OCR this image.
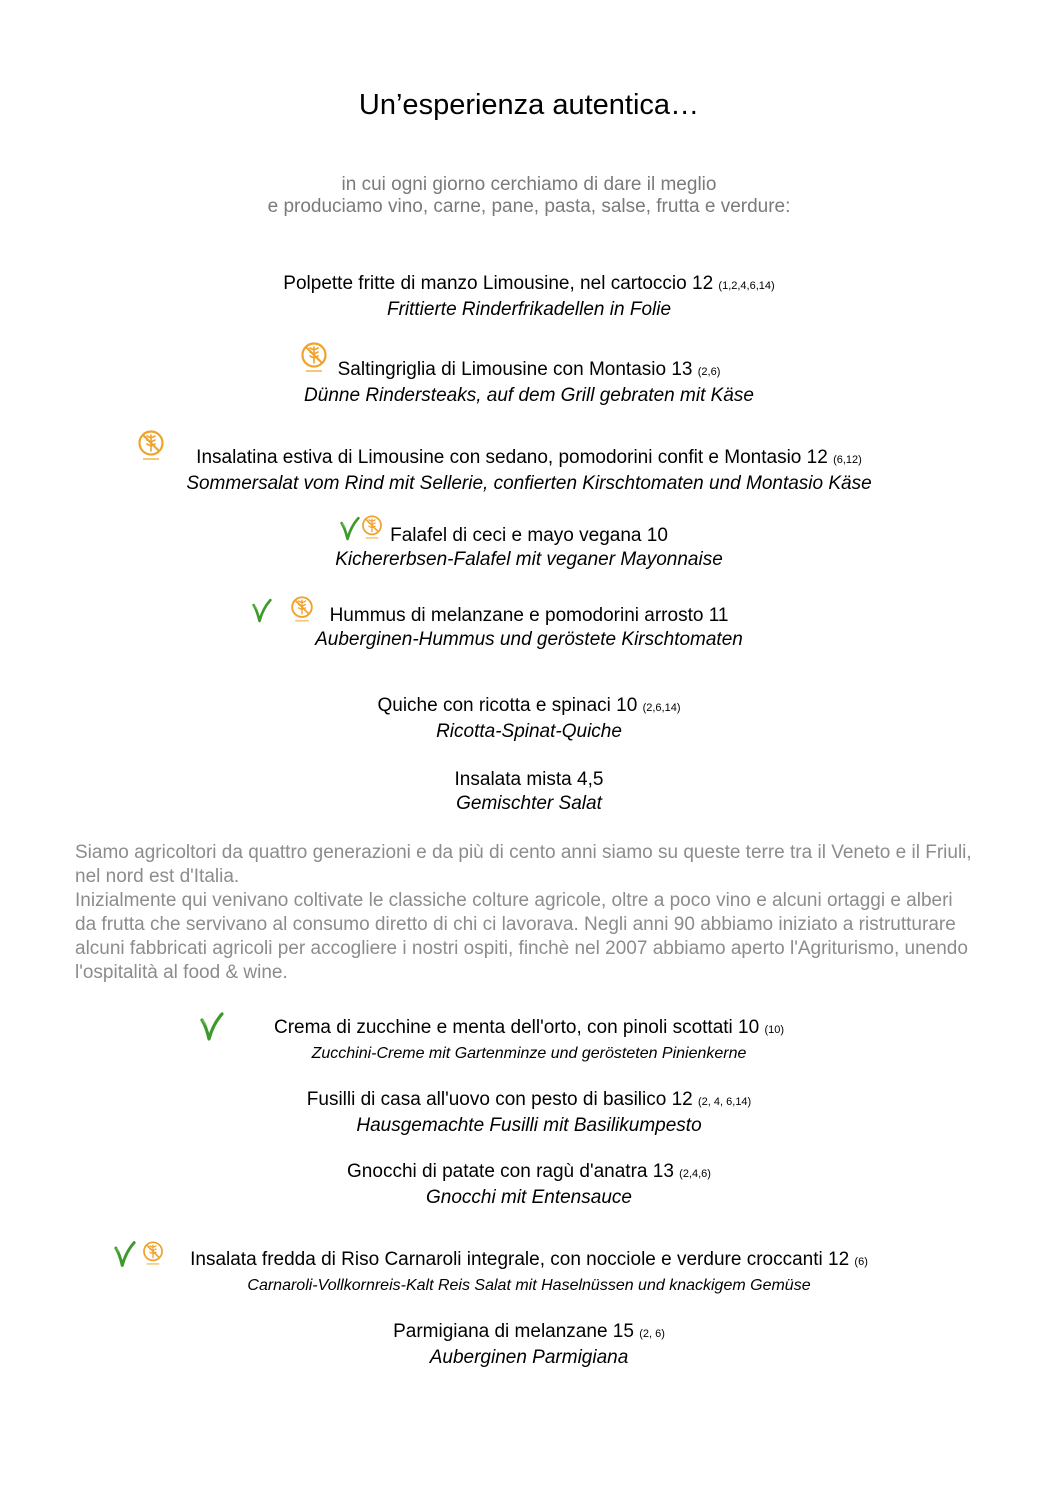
Un’esperienza autentica…
in cui ogni giorno cerchiamo di dare il meglio
e produciamo vino, carne, pane, pasta, salse, frutta e verdure:
Polpette fritte di manzo Limousine, nel cartoccio 12 (1,2,4,6,14)
Frittierte Rinderfrikadellen in Folie
Saltingriglia di Limousine con Montasio 13 (2,6)
Dünne Rindersteaks, auf dem Grill gebraten mit Käse
Insalatina estiva di Limousine con sedano, pomodorini confit e Montasio 12 (6,12)
Sommersalat vom Rind mit Sellerie, confierten Kirschtomaten und Montasio Käse
Falafel di ceci e mayo vegana 10
Kichererbsen-Falafel mit veganer Mayonnaise
Hummus di melanzane e pomodorini arrosto 11
Auberginen-Hummus und geröstete Kirschtomaten
Quiche con ricotta e spinaci 10 (2,6,14)
Ricotta-Spinat-Quiche
Insalata mista 4,5
Gemischter Salat

Siamo agricoltori da quattro generazioni e da più di cento anni siamo su queste terre tra il Veneto e il Friuli, nel nord est d'Italia.

Inizialmente qui venivano coltivate le classiche colture agricole, oltre a poco vino e alcuni ortaggi e alberi da frutta che servivano al consumo diretto di chi ci lavorava. Negli anni 90 abbiamo iniziato a ristrutturare alcuni fabbricati agricoli per accogliere i nostri ospiti, finchè nel 2007 abbiamo aperto l'Agriturismo, unendo l'ospitalità al food & wine.

Crema di zucchine e menta dell'orto, con pinoli scottati 10 (10)
Zucchini-Creme mit Gartenminze und gerösteten Pinienkerne
Fusilli di casa all'uovo con pesto di basilico 12 (2, 4, 6,14)
Hausgemachte Fusilli mit Basilikumpesto
Gnocchi di patate con ragù d'anatra 13 (2,4,6)
Gnocchi mit Entensauce
Insalata fredda di Riso Carnaroli integrale, con nocciole e verdure croccanti 12 (6)
Carnaroli-Vollkornreis-Kalt Reis Salat mit Haselnüssen und knackigem Gemüse
Parmigiana di melanzane 15 (2, 6)
Auberginen Parmigiana
